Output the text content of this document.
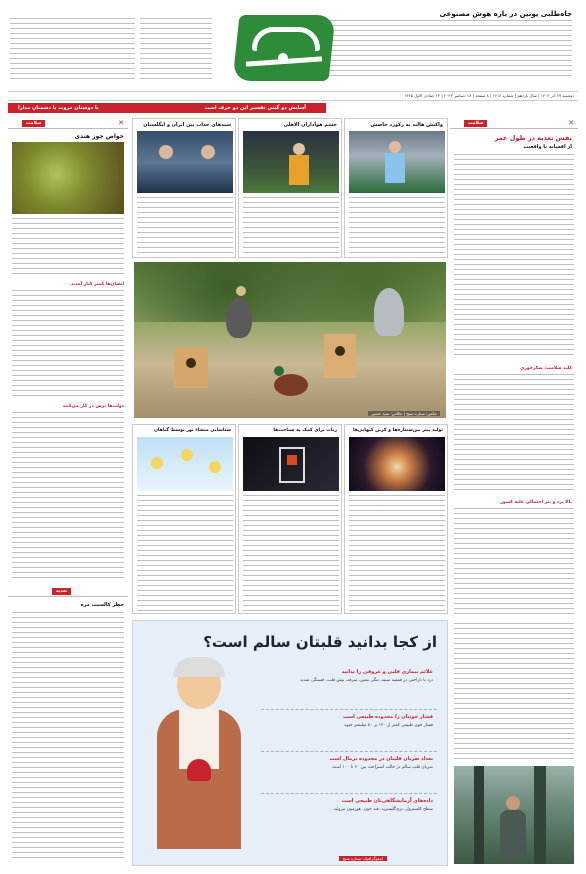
جاه‌طلبی پوتین در باره هوش مصنوعی
دوشنبه ۲۷ آذر ۱۴۰۲ | سال یازدهم | شماره ۲۶۱۶ | ۸ صفحه | ۱۸ دسامبر ۲۰۲۳ | ۲۴ جمادی الاول ۱۴۴۵
آسایش دو گیتی تفسیر این دو حرف است
با دوستان مروت با دشمنان مدارا
سلامت	✕
نقش تغذیه در طول عمر
از افسانه تا واقعیت
کلید سلامت: شکرخوری
بالا برد و نثر احتمالی علیه کشور
واکنش هالند به رکورد خاصش
خشم هواداران الاهلی
سبدهای جذاب بین ایران و انگلستان
عکس: ستاره صبح | عکاس: سید حسین
تولید بیتر بین‌سنتاره‌ها و کربن کیهانی‌ها
ربات برای کمک به شناخت‌ها
شناسایی منشاء‌ نور توسط گیاهان
سلامت	✕
خواص جوز هندی
انسان‌ها کمتر کنار آمدند
دولت‌ها ترس در کار می‌کنند
تغذیه
خطر کالسیت مزه
از کجا بدانید قلبتان سالم است؟
علائم بیماری قلبی و عروقی را بدانید
درد یا ناراحتی در قفسه سینه، تنگی نفس، سرفه، تپش قلب، خستگی شدید
فشار خونتان را محدوده طبیعی است
فشار خون طبیعی کمتر از ۱۲۰ بر ۸۰ میلیمتر جیوه
تعداد ضربان قلبتان در محدوده نرمال است
ضربان قلب سالم در حالت استراحت بین ۶۰ تا ۱۰۰ است
داده‌های آزمایشگاهی‌تان طبیعی است
سطح کلسترول، تری‌گلیسرید، قند خون، هورمون تیروئید
اینفوگرافیک: ستاره صبح
